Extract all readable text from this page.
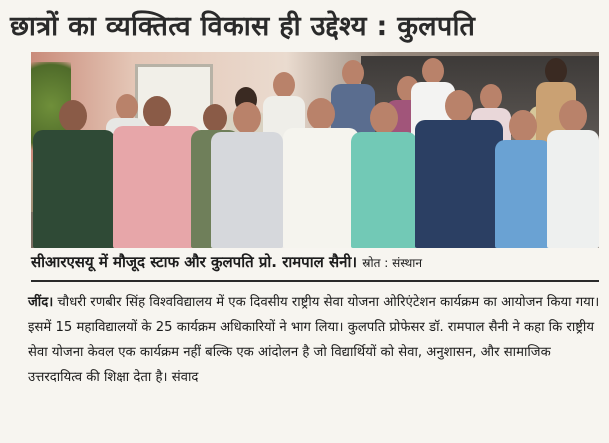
छात्रों का व्यक्तित्व विकास ही उद्देश्य : कुलपति
सीआरएसयू में मौजूद स्टाफ और कुलपति प्रो. रामपाल सैनी। स्रोत : संस्थान

जींद। चौधरी रणबीर सिंह विश्वविद्यालय में एक दिवसीय राष्ट्रीय सेवा योजना ओरिएंटेशन कार्यक्रम का आयोजन किया गया। इसमें 15 महाविद्यालयों के 25 कार्यक्रम अधिकारियों ने भाग लिया। कुलपति प्रोफेसर डॉ. रामपाल सैनी ने कहा कि राष्ट्रीय सेवा योजना केवल एक कार्यक्रम नहीं बल्कि एक आंदोलन है जो विद्यार्थियों को सेवा, अनुशासन, और सामाजिक उत्तरदायित्व की शिक्षा देता है। संवाद
